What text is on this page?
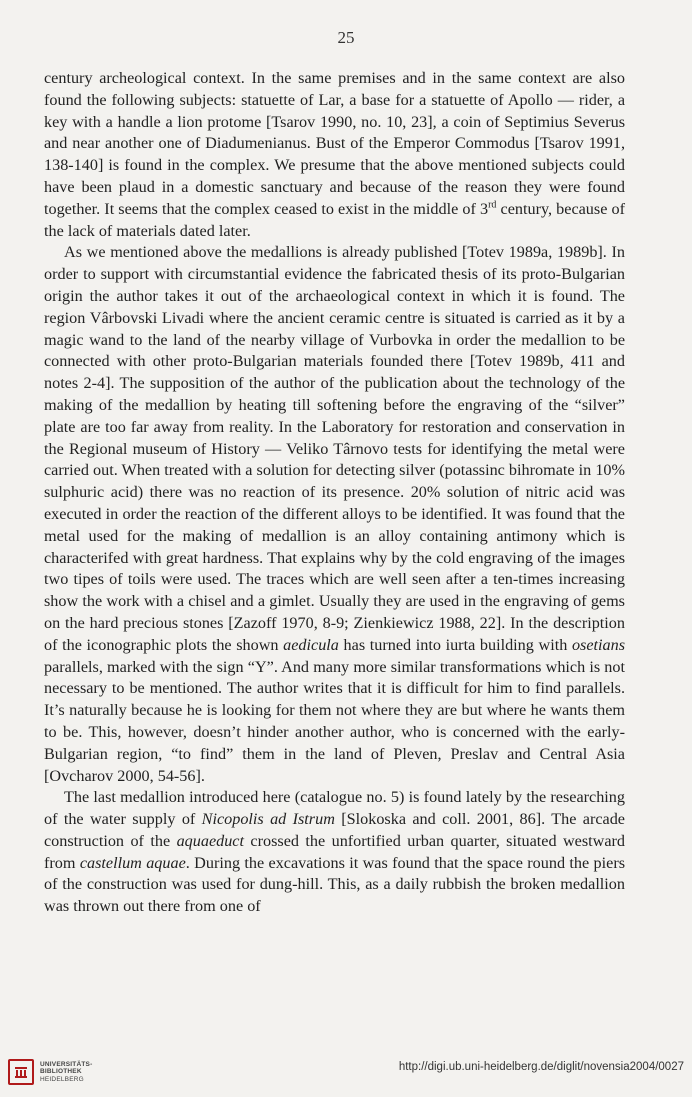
25

century archeological context. In the same premises and in the same context are also found the following subjects: statuette of Lar, a base for a statuette of Apollo — rider, a key with a handle a lion protome [Tsarov 1990, no. 10, 23], a coin of Septimius Severus and near another one of Diadumenianus. Bust of the Emperor Commodus [Tsarov 1991, 138-140] is found in the complex. We presume that the above mentioned subjects could have been plaud in a domestic sanctuary and because of the reason they were found together. It seems that the complex ceased to exist in the middle of 3rd century, because of the lack of materials dated later.

As we mentioned above the medallions is already published [Totev 1989a, 1989b]. In order to support with circumstantial evidence the fabricated thesis of its proto-Bulgarian origin the author takes it out of the archaeological context in which it is found. The region Vârbovski Livadi where the ancient ceramic centre is situated is carried as it by a magic wand to the land of the nearby village of Vurbovka in order the medallion to be connected with other proto-Bulgarian materials founded there [Totev 1989b, 411 and notes 2-4]. The supposition of the author of the publication about the technology of the making of the medallion by heating till softening before the engraving of the “silver” plate are too far away from reality. In the Laboratory for restoration and conservation in the Regional museum of History — Veliko Târnovo tests for identifying the metal were carried out. When treated with a solution for detecting silver (potassinc bihromate in 10% sulphuric acid) there was no reaction of its presence. 20% solution of nitric acid was executed in order the reaction of the different alloys to be identified. It was found that the metal used for the making of medallion is an alloy containing antimony which is characterifed with great hardness. That explains why by the cold engraving of the images two tipes of toils were used. The traces which are well seen after a ten-times increasing show the work with a chisel and a gimlet. Usually they are used in the engraving of gems on the hard precious stones [Zazoff 1970, 8-9; Zienkiewicz 1988, 22]. In the description of the iconographic plots the shown aedicula has turned into iurta building with osetians parallels, marked with the sign “Y”. And many more similar transformations which is not necessary to be mentioned. The author writes that it is difficult for him to find parallels. It’s naturally because he is looking for them not where they are but where he wants them to be. This, however, doesn’t hinder another author, who is concerned with the early-Bulgarian region, “to find” them in the land of Pleven, Preslav and Central Asia [Ovcharov 2000, 54-56].

The last medallion introduced here (catalogue no. 5) is found lately by the researching of the water supply of Nicopolis ad Istrum [Slokoska and coll. 2001, 86]. The arcade construction of the aquaeduct crossed the unfortified urban quarter, situated westward from castellum aquae. During the excavations it was found that the space round the piers of the construction was used for dung-hill. This, as a daily rubbish the broken medallion was thrown out there from one of

UNIVERSITÄTS-
BIBLIOTHEK
HEIDELBERG
http://digi.ub.uni-heidelberg.de/diglit/novensia2004/0027
